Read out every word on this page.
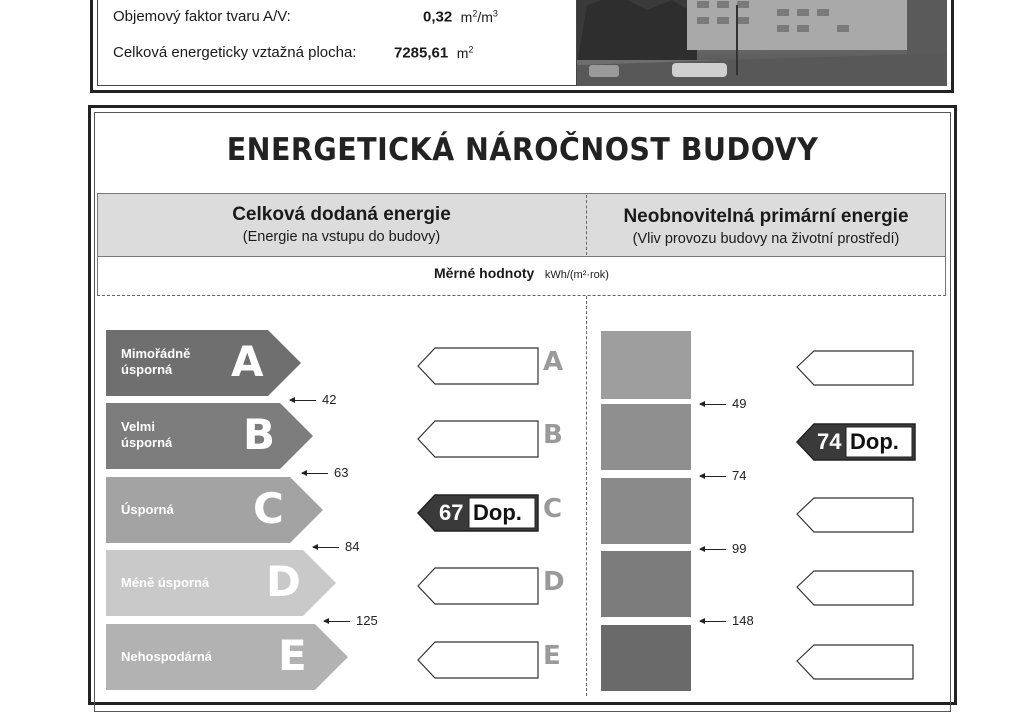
Objemový faktor tvaru A/V:	0,32 $m^2/m^3$
Celková energeticky vztažná plocha:	7285,61 $m^2$
ENERGETICKÁ NÁROČNOST BUDOVY
Celková dodaná energie
(Energie na vstupu do budovy)
Neobnovitelná primární energie
(Vliv provozu budovy na životní prostředí)
Měrné hodnoty kWh/(m²·rok)
Mimořádně
úsporná	A	A
Velmi
úsporná B	B	74 Dop.
Úsporná C	67 Dop. C
Méně úsporná D	D
Nehospodárná E	E
42
63
84
125
49
74
99
148
